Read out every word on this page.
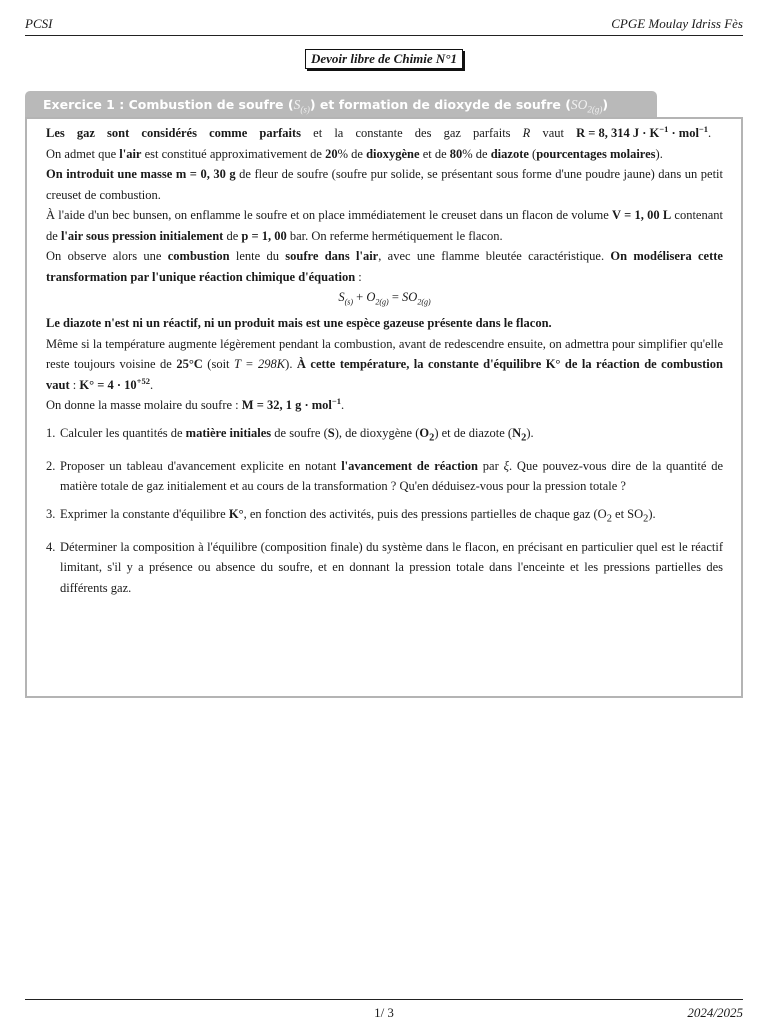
PCSI	CPGE Moulay Idriss Fès
Devoir libre de Chimie N°1
Exercice 1 : Combustion de soufre $(S_{(s)})$ et formation de dioxyde de soufre $(SO_{2(g)})$

Les gaz sont considérés comme parfaits et la constante des gaz parfaits R vaut R = 8, 314 $J \cdot K^{-1} \cdot mol^{-1}$.

On admet que l'air est constitué approximativement de 20% de dioxygène et de 80% de diazote (pourcentages molaires).

On introduit une masse m = 0, 30 g de fleur de soufre (soufre pur solide, se présentant sous forme d'une poudre jaune) dans un petit creuset de combustion.

À l'aide d'un bec bunsen, on enflamme le soufre et on place immédiatement le creuset dans un flacon de volume V = 1, 00 L contenant de l'air sous pression initialement de p = 1, 00 bar. On referme hermétiquement le flacon.

On observe alors une combustion lente du soufre dans l'air, avec une flamme bleutée caractéristique. On modélisera cette transformation par l'unique réaction chimique d'équation :

$S_{(s)} + O_{2(g)} = SO_{2(g)}$

Le diazote n'est ni un réactif, ni un produit mais est une espèce gazeuse présente dans le flacon.

Même si la température augmente légèrement pendant la combustion, avant de redescendre ensuite, on admettra pour simplifier qu'elle reste toujours voisine de 25°C (soit T = 298K). À cette température, la constante d'équilibre K° de la réaction de combustion vaut : $K^\circ = 4 \cdot 10^{+52}$.

On donne la masse molaire du soufre : M = 32, 1 g · mol$^{-1}$.

1. Calculer les quantités de matière initiales de soufre (S), de dioxygène $(O_2)$ et de diazote $(N_2)$.
2. Proposer un tableau d'avancement explicite en notant l'avancement de réaction par ξ. Que pouvez-vous dire de la quantité de matière totale de gaz initialement et au cours de la transformation ? Qu'en déduisez-vous pour la pression totale ?
3. Exprimer la constante d'équilibre K°, en fonction des activités, puis des pressions partielles de chaque gaz ($O_2$ et $SO_2$).
4. Déterminer la composition à l'équilibre (composition finale) du système dans le flacon, en précisant en particulier quel est le réactif limitant, s'il y a présence ou absence du soufre, et en donnant la pression totale dans l'enceinte et les pressions partielles des différents gaz.
1/ 3	2024/2025
